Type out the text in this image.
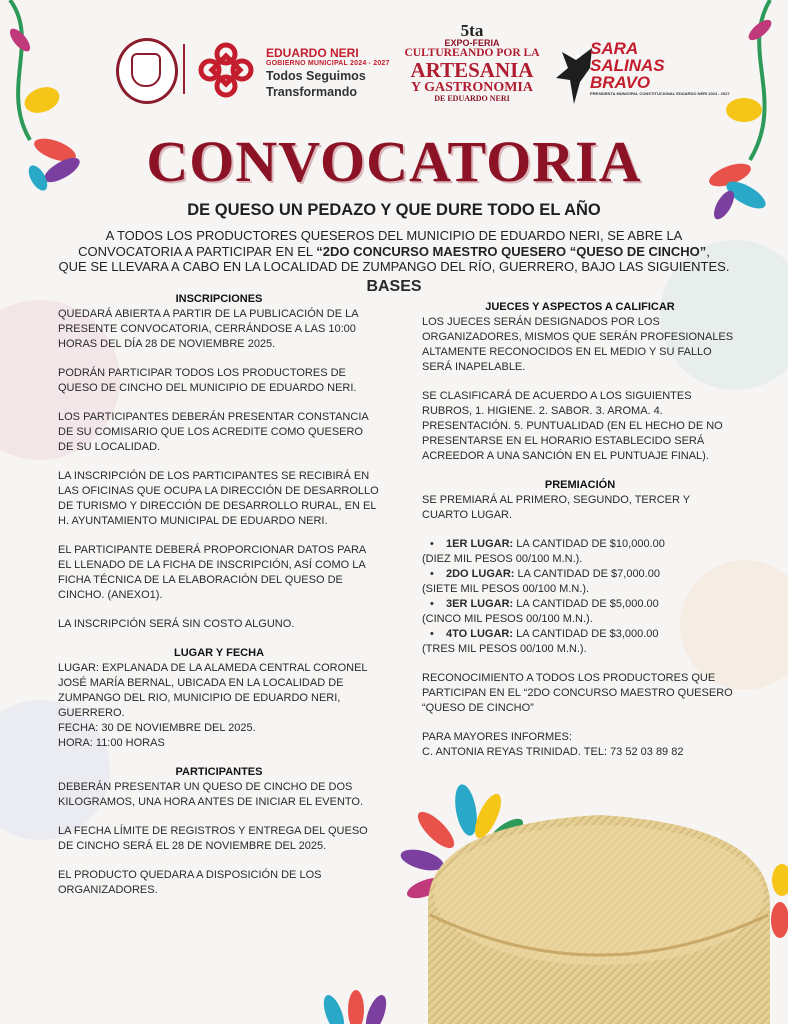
EDUARDO NERI
GOBIERNO MUNICIPAL 2024 - 2027
Todos Seguimos
Transformando
5ta
EXPO-FERIA
CULTUREANDO POR LA
ARTESANIA
Y GASTRONOMIA
DE EDUARDO NERI
SARA
SALINAS
BRAVO
PRESIDENTA MUNICIPAL CONSTITUCIONAL EDUARDO NERI 2024 - 2027
CONVOCATORIA
DE QUESO UN PEDAZO Y QUE DURE TODO EL AÑO
A TODOS LOS PRODUCTORES QUESEROS DEL MUNICIPIO DE EDUARDO NERI, SE ABRE LA
CONVOCATORIA A PARTICIPAR EN EL “2DO CONCURSO MAESTRO QUESERO “QUESO DE CINCHO”,
QUE SE LLEVARA A CABO EN LA LOCALIDAD DE ZUMPANGO DEL RÍO, GUERRERO, BAJO LAS SIGUIENTES.
BASES
INSCRIPCIONES

QUEDARÁ ABIERTA A PARTIR DE LA PUBLICACIÓN DE LA PRESENTE CONVOCATORIA, CERRÁNDOSE A LAS 10:00 HORAS DEL DÍA 28 DE NOVIEMBRE 2025.

PODRÁN PARTICIPAR TODOS LOS PRODUCTORES DE QUESO DE CINCHO DEL MUNICIPIO DE EDUARDO NERI.

LOS PARTICIPANTES DEBERÁN PRESENTAR CONSTANCIA DE SU COMISARIO QUE LOS ACREDITE COMO QUESERO DE SU LOCALIDAD.

LA INSCRIPCIÓN DE LOS PARTICIPANTES SE RECIBIRÁ EN LAS OFICINAS QUE OCUPA LA DIRECCIÓN DE DESARROLLO DE TURISMO Y DIRECCIÓN DE DESARROLLO RURAL, EN EL H. AYUNTAMIENTO MUNICIPAL DE EDUARDO NERI.

EL PARTICIPANTE DEBERÁ PROPORCIONAR DATOS PARA EL LLENADO DE LA FICHA DE INSCRIPCIÓN, ASÍ COMO LA FICHA TÉCNICA DE LA ELABORACIÓN DEL QUESO DE CINCHO. (ANEXO1).

LA INSCRIPCIÓN SERÁ SIN COSTO ALGUNO.

LUGAR Y FECHA
LUGAR: EXPLANADA DE LA ALAMEDA CENTRAL CORONEL JOSÉ MARÍA BERNAL, UBICADA EN LA LOCALIDAD DE ZUMPANGO DEL RIO, MUNICIPIO DE EDUARDO NERI, GUERRERO.
FECHA: 30 DE NOVIEMBRE DEL 2025.

HORA: 11:00 HORAS

PARTICIPANTES

DEBERÁN PRESENTAR UN QUESO DE CINCHO DE DOS KILOGRAMOS, UNA HORA ANTES DE INICIAR EL EVENTO.

LA FECHA LÍMITE DE REGISTROS Y ENTREGA DEL QUESO DE CINCHO SERÁ EL 28 DE NOVIEMBRE DEL 2025.

EL PRODUCTO QUEDARA A DISPOSICIÓN DE LOS ORGANIZADORES.

JUECES Y ASPECTOS A CALIFICAR

LOS JUECES SERÁN DESIGNADOS POR LOS ORGANIZADORES, MISMOS QUE SERÁN PROFESIONALES ALTAMENTE RECONOCIDOS EN EL MEDIO Y SU FALLO SERÁ INAPELABLE.

SE CLASIFICARÁ DE ACUERDO A LOS SIGUIENTES RUBROS, 1. HIGIENE. 2. SABOR. 3. AROMA. 4. PRESENTACIÓN. 5. PUNTUALIDAD (EN EL HECHO DE NO PRESENTARSE EN EL HORARIO ESTABLECIDO SERÁ ACREEDOR A UNA SANCIÓN EN EL PUNTUAJE FINAL).

PREMIACIÓN

SE PREMIARÁ AL PRIMERO, SEGUNDO, TERCER Y CUARTO LUGAR.

• 1ER LUGAR: LA CANTIDAD DE $10,000.00
(DIEZ MIL PESOS 00/100 M.N.).
• 2DO LUGAR: LA CANTIDAD DE $7,000.00
(SIETE MIL PESOS 00/100 M.N.).
• 3ER LUGAR: LA CANTIDAD DE $5,000.00
(CINCO MIL PESOS 00/100 M.N.).
• 4TO LUGAR: LA CANTIDAD DE $3,000.00
(TRES MIL PESOS 00/100 M.N.).

RECONOCIMIENTO A TODOS LOS PRODUCTORES QUE PARTICIPAN EN EL “2DO CONCURSO MAESTRO QUESERO “QUESO DE CINCHO”

PARA MAYORES INFORMES:
C. ANTONIA REYAS TRINIDAD. TEL: 73 52 03 89 82
